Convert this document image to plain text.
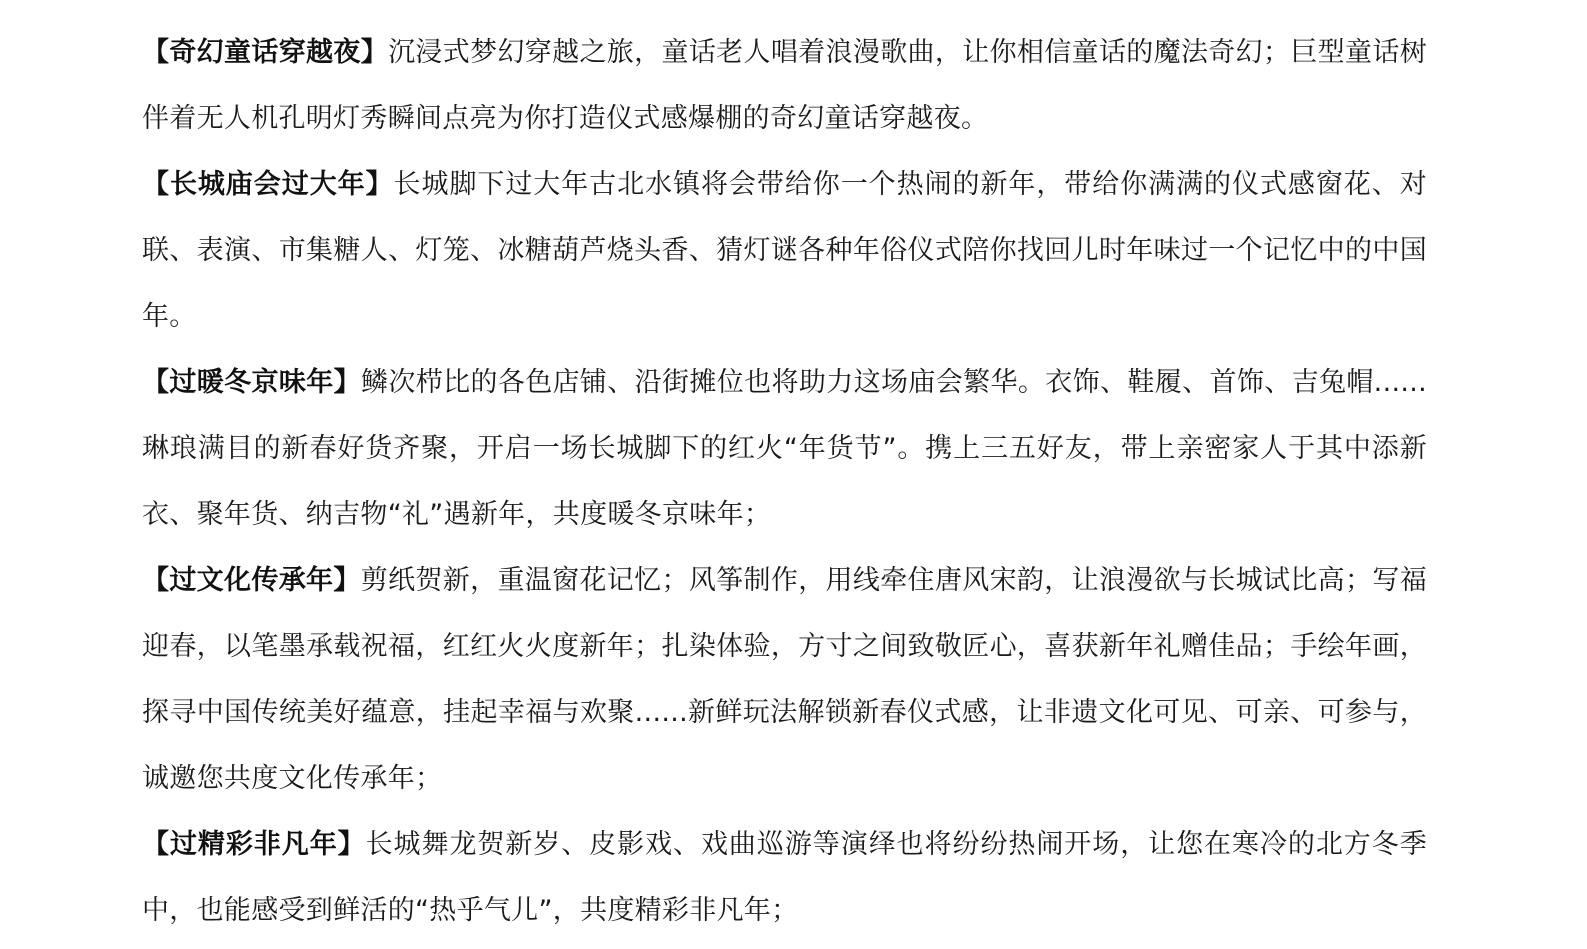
【奇幻童话穿越夜】沉浸式梦幻穿越之旅，童话老人唱着浪漫歌曲，让你相信童话的魔法奇幻；巨型童话树伴着无人机孔明灯秀瞬间点亮为你打造仪式感爆棚的奇幻童话穿越夜。

【长城庙会过大年】长城脚下过大年古北水镇将会带给你一个热闹的新年，带给你满满的仪式感窗花、对联、表演、市集糖人、灯笼、冰糖葫芦烧头香、猜灯谜各种年俗仪式陪你找回儿时年味过一个记忆中的中国年。

【过暖冬京味年】鳞次栉比的各色店铺、沿街摊位也将助力这场庙会繁华。衣饰、鞋履、首饰、吉兔帽......琳琅满目的新春好货齐聚，开启一场长城脚下的红火“年货节”。携上三五好友，带上亲密家人于其中添新衣、聚年货、纳吉物“礼”遇新年，共度暖冬京味年；

【过文化传承年】剪纸贺新，重温窗花记忆；风筝制作，用线牵住唐风宋韵，让浪漫欲与长城试比高；写福迎春，以笔墨承载祝福，红红火火度新年；扎染体验，方寸之间致敬匠心，喜获新年礼赠佳品；手绘年画，探寻中国传统美好蕴意，挂起幸福与欢聚......新鲜玩法解锁新春仪式感，让非遗文化可见、可亲、可参与，诚邀您共度文化传承年；

【过精彩非凡年】长城舞龙贺新岁、皮影戏、戏曲巡游等演绎也将纷纷热闹开场，让您在寒冷的北方冬季中，也能感受到鲜活的“热乎气儿”，共度精彩非凡年；
